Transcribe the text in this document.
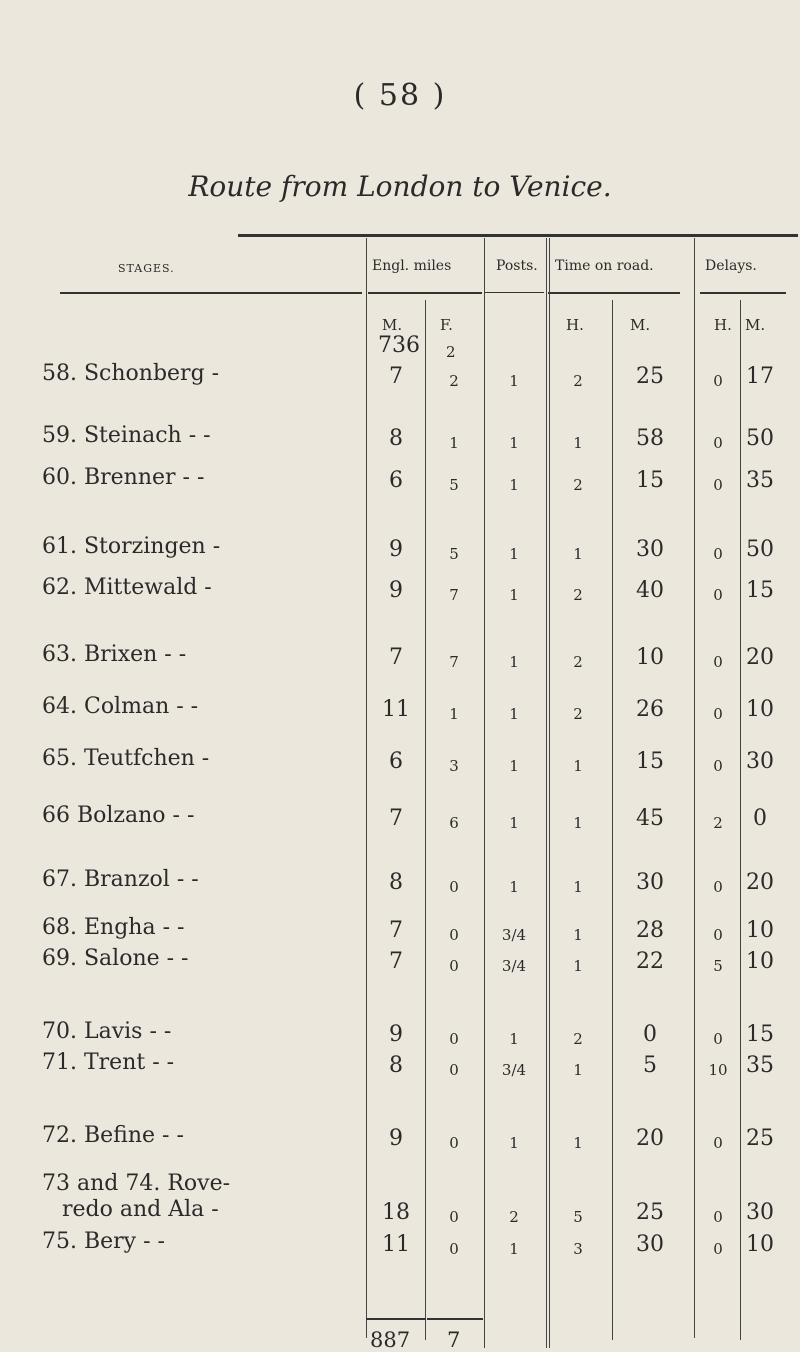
( 58 )
Route from London to Venice.
STAGES.	Engl. miles	Posts. Time on road.	Delays.
M.	F.	H.	M.	H. M.
736 2
58. Schonberg -	7	2	1	2	25	0	17
59. Steinach - -	8	1	1	1	58	0	50
60. Brenner - -	6	5	1	2	15	0	35
61. Storzingen -	9	5	1	1	30	0	50
62. Mittewald -	9	7	1	2	40	0	15
63. Brixen - -	7	7	1	2	10	0	20
64. Colman - -	11	1	1	2	26	0	10
65. Teutfchen -	6	3	1	1	15	0	30
66 Bolzano - -	7	6	1	1	45	2	0
67. Branzol - -	8	0	1	1	30	0	20
68. Engha - -	7	0	3/4	1	28	0	10
69. Salone - -	7	0	3/4	1	22	5	10
70. Lavis - -	9	0	1	2	0	0	15
71. Trent - -	8	0	3/4	1	5	10 35
72. Befine - -	9	0	1	1	20	0	25
73 and 74. Rove-
redo and Ala -	18	0	2	5	25	0	30
75. Bery - -	11	0	1	3	30	0	10
887 7
